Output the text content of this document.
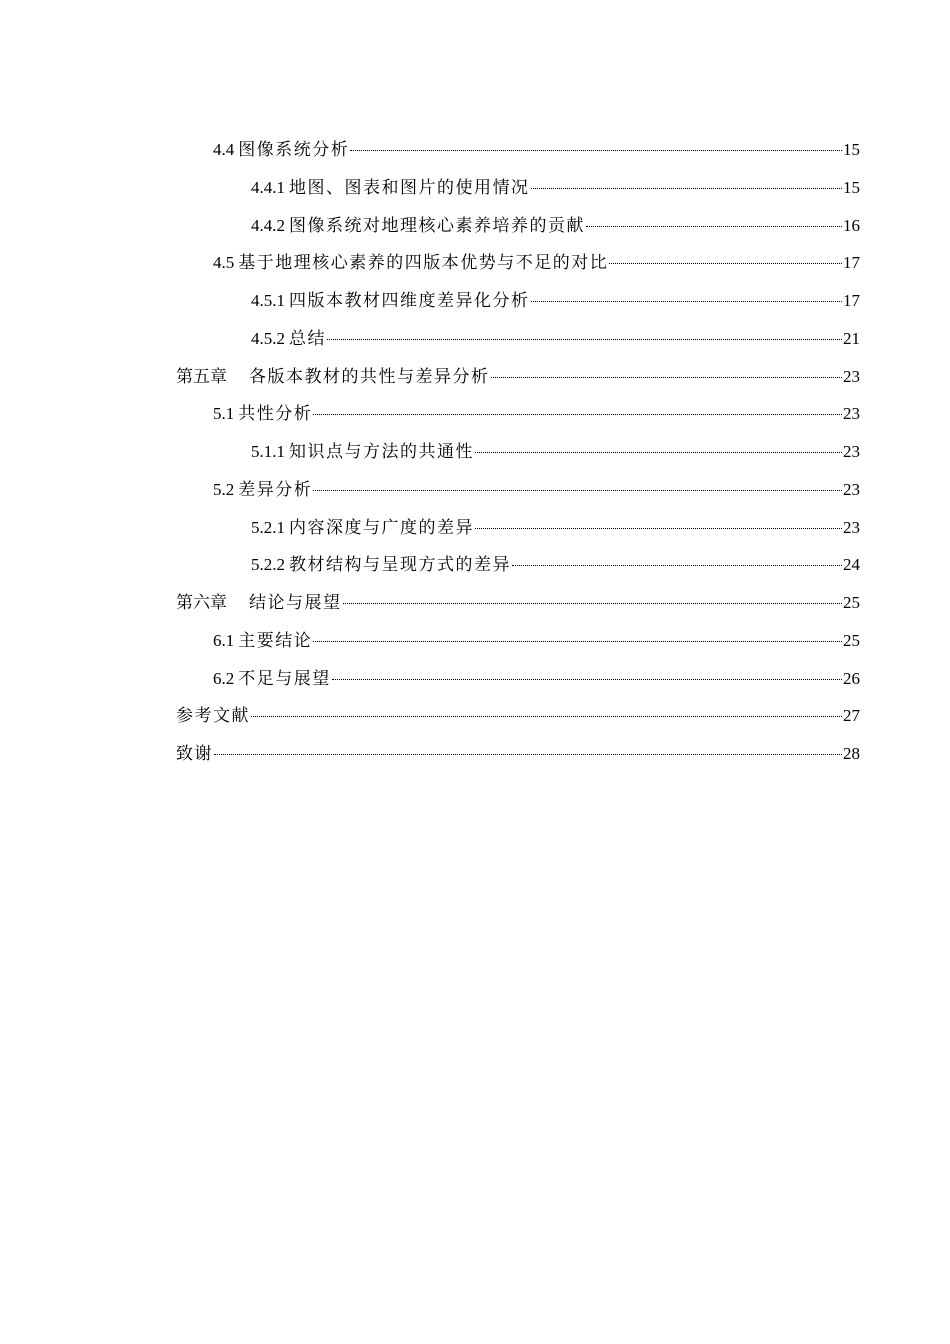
4.4 图像系统分析	15
4.4.1 地图、图表和图片的使用情况	15
4.4.2 图像系统对地理核心素养培养的贡献	16
4.5 基于地理核心素养的四版本优势与不足的对比	17
4.5.1 四版本教材四维度差异化分析	17
4.5.2 总结	21
第五章 各版本教材的共性与差异分析	23
5.1 共性分析	23
5.1.1 知识点与方法的共通性	23
5.2 差异分析	23
5.2.1 内容深度与广度的差异	23
5.2.2 教材结构与呈现方式的差异	24
第六章 结论与展望	25
6.1 主要结论	25
6.2 不足与展望	26
参考文献	27
致谢	28
